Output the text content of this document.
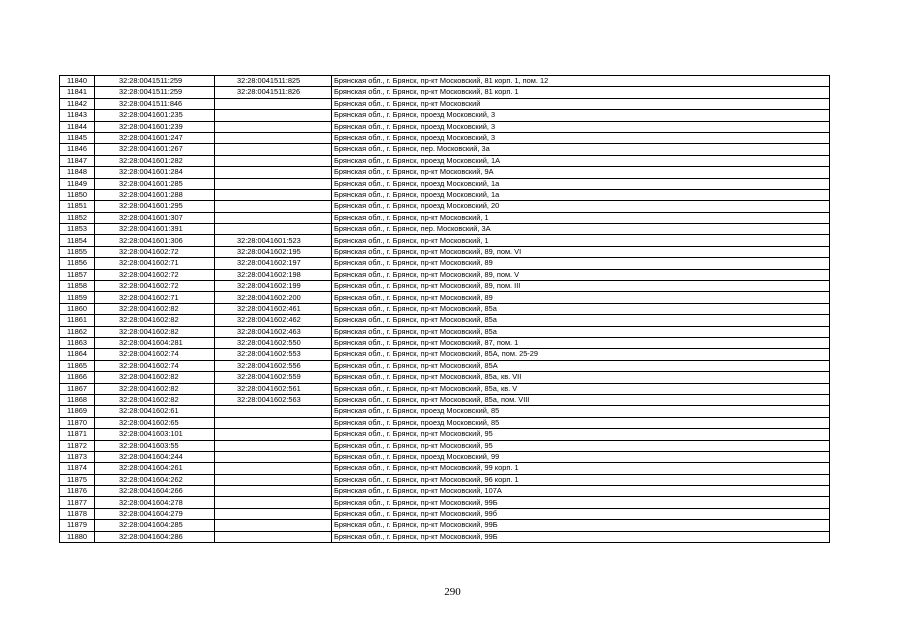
11840	32:28:0041511:259	32:28:0041511:825	Брянская обл., г. Брянск, пр-кт Московский, 81 корп. 1, пом. 12
11841	32:28:0041511:259	32:28:0041511:826	Брянская обл., г. Брянск, пр-кт Московский, 81 корп. 1
11842	32:28:0041511:846		Брянская обл., г. Брянск, пр-кт Московский
11843	32:28:0041601:235		Брянская обл., г. Брянск, проезд Московский, 3
11844	32:28:0041601:239		Брянская обл., г. Брянск, проезд Московский, 3
11845	32:28:0041601:247		Брянская обл., г. Брянск, проезд Московский, 3
11846	32:28:0041601:267		Брянская обл., г. Брянск, пер. Московский, 3а
11847	32:28:0041601:282		Брянская обл., г. Брянск, проезд Московский, 1А
11848	32:28:0041601:284		Брянская обл., г. Брянск, пр-кт Московский, 9А
11849	32:28:0041601:285		Брянская обл., г. Брянск, проезд Московский, 1а
11850	32:28:0041601:288		Брянская обл., г. Брянск, проезд Московский, 1а
11851	32:28:0041601:295		Брянская обл., г. Брянск, проезд Московский, 20
11852	32:28:0041601:307		Брянская обл., г. Брянск, пр-кт Московский, 1
11853	32:28:0041601:391		Брянская обл., г. Брянск, пер. Московский, 3А
11854	32:28:0041601:306	32:28:0041601:523	Брянская обл., г. Брянск, пр-кт Московский, 1
11855	32:28:0041602:72	32:28:0041602:195	Брянская обл., г. Брянск, пр-кт Московский, 89, пом. VI
11856	32:28:0041602:71	32:28:0041602:197	Брянская обл., г. Брянск, пр-кт Московский, 89
11857	32:28:0041602:72	32:28:0041602:198	Брянская обл., г. Брянск, пр-кт Московский, 89, пом. V
11858	32:28:0041602:72	32:28:0041602:199	Брянская обл., г. Брянск, пр-кт Московский, 89, пом. III
11859	32:28:0041602:71	32:28:0041602:200	Брянская обл., г. Брянск, пр-кт Московский, 89
11860	32:28:0041602:82	32:28:0041602:461	Брянская обл., г. Брянск, пр-кт Московский, 85а
11861	32:28:0041602:82	32:28:0041602:462	Брянская обл., г. Брянск, пр-кт Московский, 85а
11862	32:28:0041602:82	32:28:0041602:463	Брянская обл., г. Брянск, пр-кт Московский, 85а
11863	32:28:0041604:281	32:28:0041602:550	Брянская обл., г. Брянск, пр-кт Московский, 87, пом. 1
11864	32:28:0041602:74	32:28:0041602:553	Брянская обл., г. Брянск, пр-кт Московский, 85А, пом. 25-29
11865	32:28:0041602:74	32:28:0041602:556	Брянская обл., г. Брянск, пр-кт Московский, 85А
11866	32:28:0041602:82	32:28:0041602:559	Брянская обл., г. Брянск, пр-кт Московский, 85а, кв. VII
11867	32:28:0041602:82	32:28:0041602:561	Брянская обл., г. Брянск, пр-кт Московский, 85а, кв. V
11868	32:28:0041602:82	32:28:0041602:563	Брянская обл., г. Брянск, пр-кт Московский, 85а, пом. VIII
11869	32:28:0041602:61		Брянская обл., г. Брянск, проезд Московский, 85
11870	32:28:0041602:65		Брянская обл., г. Брянск, проезд Московский, 85
11871	32:28:0041603:101		Брянская обл., г. Брянск, пр-кт Московский, 95
11872	32:28:0041603:55		Брянская обл., г. Брянск, пр-кт Московский, 95
11873	32:28:0041604:244		Брянская обл., г. Брянск, проезд Московский, 99
11874	32:28:0041604:261		Брянская обл., г. Брянск, пр-кт Московский, 99 корп. 1
11875	32:28:0041604:262		Брянская обл., г. Брянск, пр-кт Московский, 96 корп. 1
11876	32:28:0041604:266		Брянская обл., г. Брянск, пр-кт Московский, 107А
11877	32:28:0041604:278		Брянская обл., г. Брянск, пр-кт Московский, 99Б
11878	32:28:0041604:279		Брянская обл., г. Брянск, пр-кт Московский, 99б
11879	32:28:0041604:285		Брянская обл., г. Брянск, пр-кт Московский, 99Б
11880	32:28:0041604:286		Брянская обл., г. Брянск, пр-кт Московский, 99Б
290
